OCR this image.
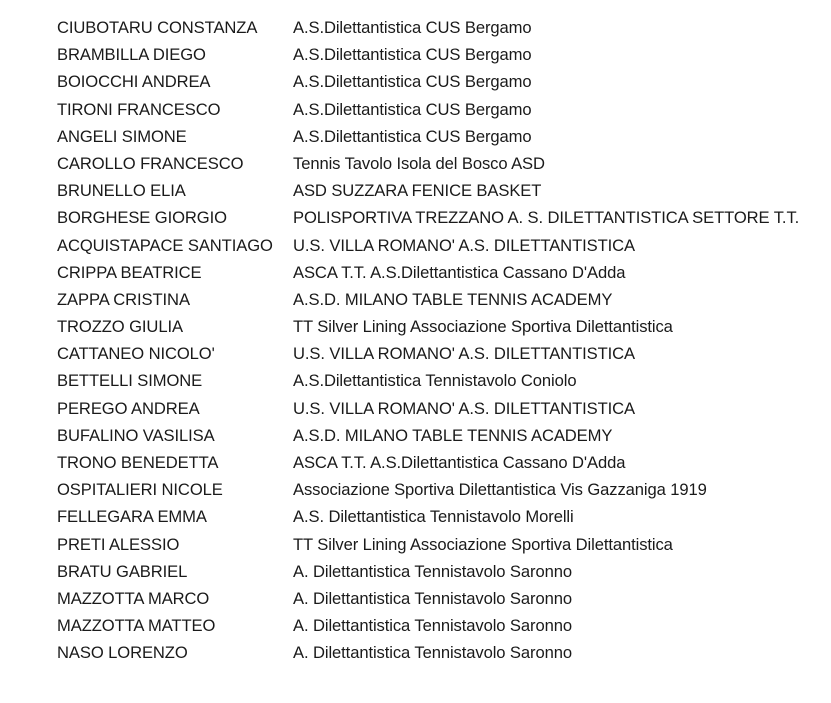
CIUBOTARU CONSTANZA	A.S.Dilettantistica CUS Bergamo
BRAMBILLA DIEGO	A.S.Dilettantistica CUS Bergamo
BOIOCCHI ANDREA	A.S.Dilettantistica CUS Bergamo
TIRONI FRANCESCO	A.S.Dilettantistica CUS Bergamo
ANGELI SIMONE	A.S.Dilettantistica CUS Bergamo
CAROLLO FRANCESCO	Tennis Tavolo Isola del Bosco ASD
BRUNELLO ELIA	ASD SUZZARA FENICE BASKET
BORGHESE GIORGIO	POLISPORTIVA TREZZANO A. S. DILETTANTISTICA SETTORE T.T.
ACQUISTAPACE SANTIAGO	U.S. VILLA ROMANO' A.S. DILETTANTISTICA
CRIPPA BEATRICE	ASCA T.T. A.S.Dilettantistica Cassano D'Adda
ZAPPA CRISTINA	A.S.D. MILANO TABLE TENNIS ACADEMY
TROZZO GIULIA	TT Silver Lining Associazione Sportiva Dilettantistica
CATTANEO NICOLO'	U.S. VILLA ROMANO' A.S. DILETTANTISTICA
BETTELLI SIMONE	A.S.Dilettantistica Tennistavolo Coniolo
PEREGO ANDREA	U.S. VILLA ROMANO' A.S. DILETTANTISTICA
BUFALINO VASILISA	A.S.D. MILANO TABLE TENNIS ACADEMY
TRONO BENEDETTA	ASCA T.T. A.S.Dilettantistica Cassano D'Adda
OSPITALIERI NICOLE	Associazione Sportiva Dilettantistica Vis Gazzaniga 1919
FELLEGARA EMMA	A.S. Dilettantistica Tennistavolo Morelli
PRETI ALESSIO	TT Silver Lining Associazione Sportiva Dilettantistica
BRATU GABRIEL	A. Dilettantistica Tennistavolo Saronno
MAZZOTTA MARCO	A. Dilettantistica Tennistavolo Saronno
MAZZOTTA MATTEO	A. Dilettantistica Tennistavolo Saronno
NASO LORENZO	A. Dilettantistica Tennistavolo Saronno
